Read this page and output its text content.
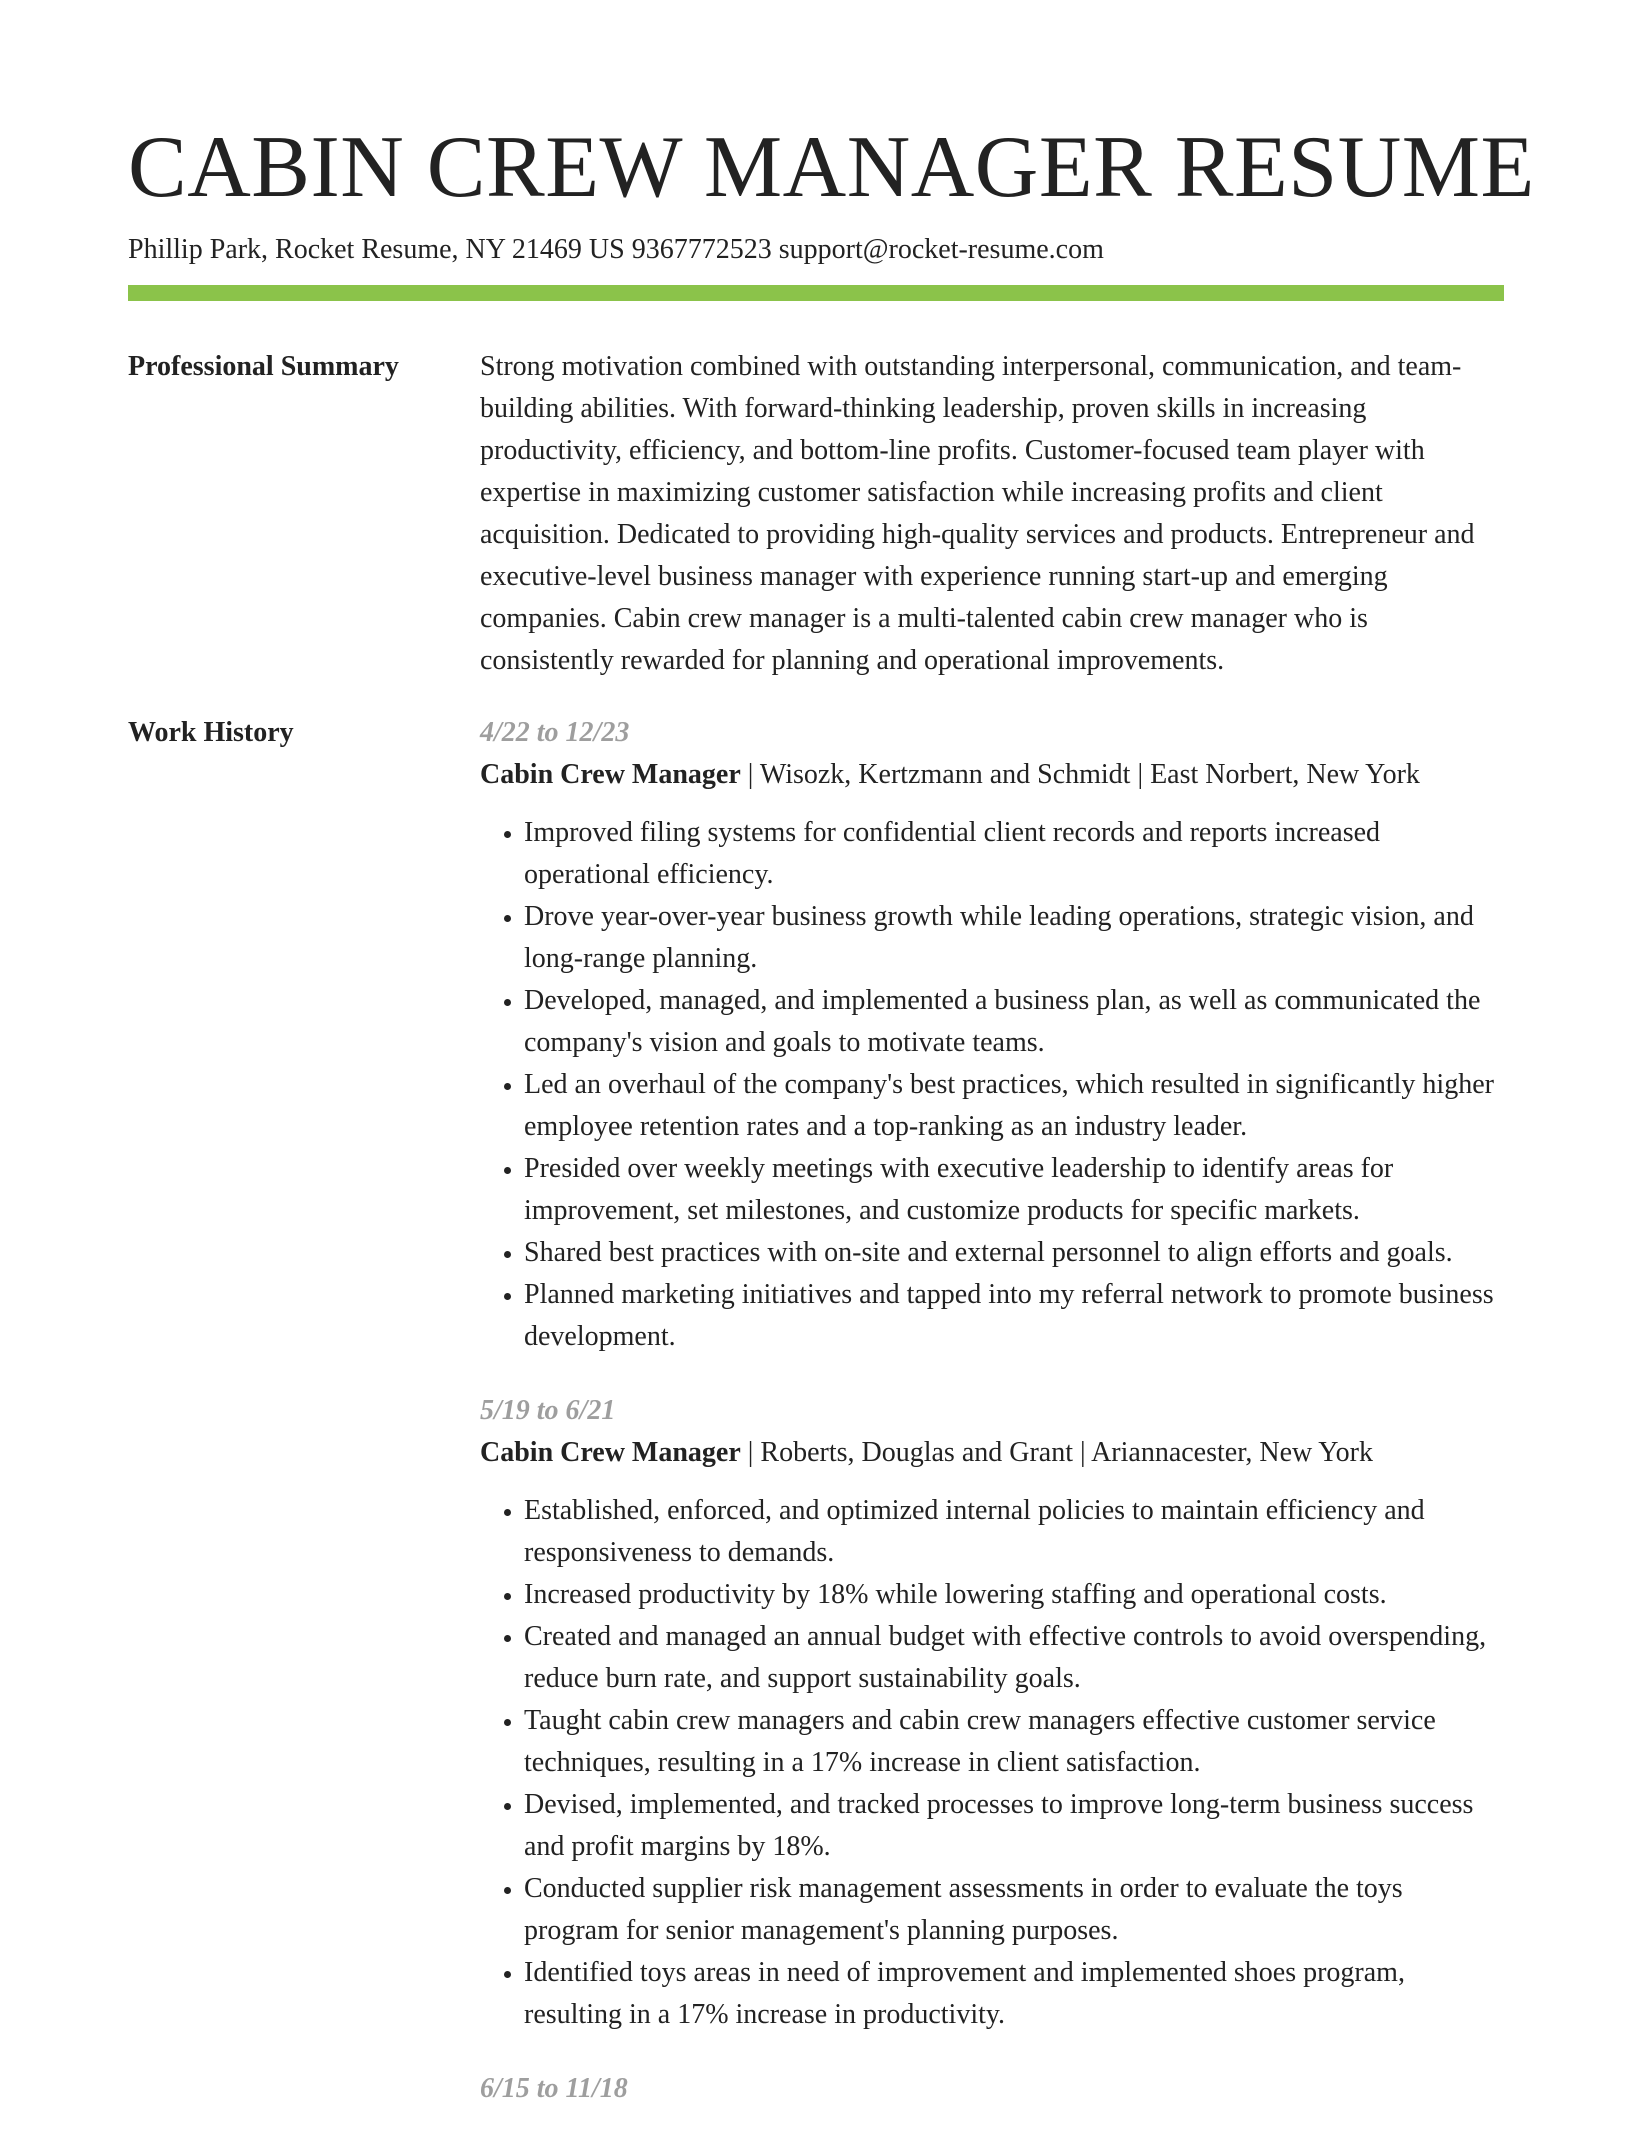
CABIN CREW MANAGER RESUME
Phillip Park, Rocket Resume, NY 21469 US 9367772523 support@rocket-resume.com
Professional Summary	Strong motivation combined with outstanding interpersonal, communication, and team-building abilities. With forward-thinking leadership, proven skills in increasing productivity, efficiency, and bottom-line profits. Customer-focused team player with expertise in maximizing customer satisfaction while increasing profits and client acquisition. Dedicated to providing high-quality services and products. Entrepreneur and executive-level business manager with experience running start-up and emerging companies. Cabin crew manager is a multi-talented cabin crew manager who is consistently rewarded for planning and operational improvements.

Work History	4/22 to 12/23
Cabin Crew Manager | Wisozk, Kertzmann and Schmidt | East Norbert, New York
• Improved filing systems for confidential client records and reports increased operational efficiency.
• Drove year-over-year business growth while leading operations, strategic vision, and long-range planning.
• Developed, managed, and implemented a business plan, as well as communicated the company's vision and goals to motivate teams.
• Led an overhaul of the company's best practices, which resulted in significantly higher employee retention rates and a top-ranking as an industry leader.
• Presided over weekly meetings with executive leadership to identify areas for improvement, set milestones, and customize products for specific markets.
• Shared best practices with on-site and external personnel to align efforts and goals.
• Planned marketing initiatives and tapped into my referral network to promote business development.
5/19 to 6/21
Cabin Crew Manager | Roberts, Douglas and Grant | Ariannacester, New York
• Established, enforced, and optimized internal policies to maintain efficiency and responsiveness to demands.
• Increased productivity by 18% while lowering staffing and operational costs.
• Created and managed an annual budget with effective controls to avoid overspending, reduce burn rate, and support sustainability goals.
• Taught cabin crew managers and cabin crew managers effective customer service techniques, resulting in a 17% increase in client satisfaction.
• Devised, implemented, and tracked processes to improve long-term business success and profit margins by 18%.
• Conducted supplier risk management assessments in order to evaluate the toys program for senior management's planning purposes.
• Identified toys areas in need of improvement and implemented shoes program, resulting in a 17% increase in productivity.
6/15 to 11/18
